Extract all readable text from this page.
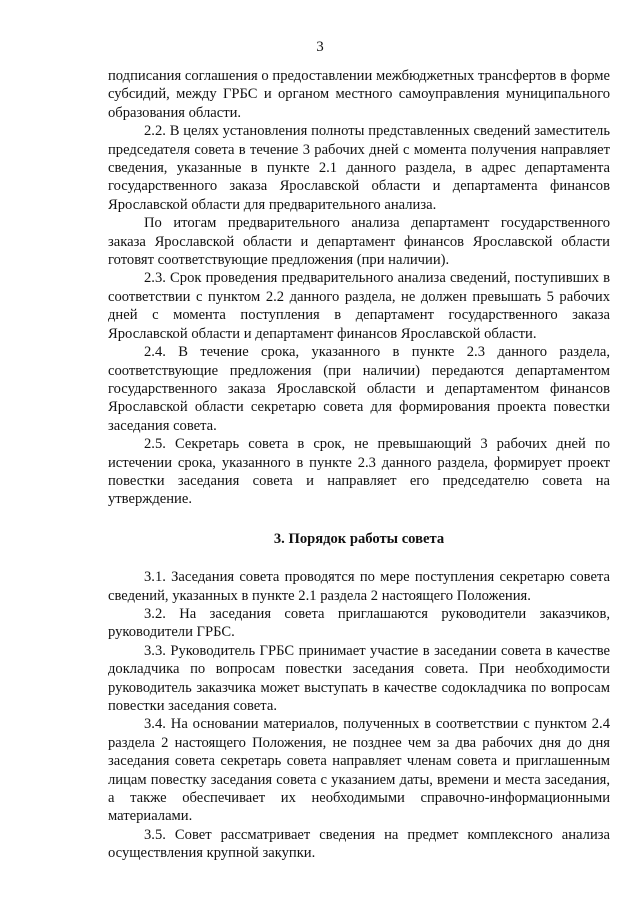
3

подписания соглашения о предоставлении межбюджетных трансфертов в форме субсидий, между ГРБС и органом местного самоуправления муниципального образования области.

2.2. В целях установления полноты представленных сведений заместитель председателя совета в течение 3 рабочих дней с момента получения направляет сведения, указанные в пункте 2.1 данного раздела, в адрес департамента государственного заказа Ярославской области и департамента финансов Ярославской области для предварительного анализа.

По итогам предварительного анализа департамент государственного заказа Ярославской области и департамент финансов Ярославской области готовят соответствующие предложения (при наличии).

2.3. Срок проведения предварительного анализа сведений, поступивших в соответствии с пунктом 2.2 данного раздела, не должен превышать 5 рабочих дней с момента поступления в департамент государственного заказа Ярославской области и департамент финансов Ярославской области.

2.4. В течение срока, указанного в пункте 2.3 данного раздела, соответствующие предложения (при наличии) передаются департаментом государственного заказа Ярославской области и департаментом финансов Ярославской области секретарю совета для формирования проекта повестки заседания совета.

2.5. Секретарь совета в срок, не превышающий 3 рабочих дней по истечении срока, указанного в пункте 2.3 данного раздела, формирует проект повестки заседания совета и направляет его председателю совета на утверждение.

3. Порядок работы совета

3.1. Заседания совета проводятся по мере поступления секретарю совета сведений, указанных в пункте 2.1 раздела 2 настоящего Положения.

3.2. На заседания совета приглашаются руководители заказчиков, руководители ГРБС.

3.3. Руководитель ГРБС принимает участие в заседании совета в качестве докладчика по вопросам повестки заседания совета. При необходимости руководитель заказчика может выступать в качестве содокладчика по вопросам повестки заседания совета.

3.4. На основании материалов, полученных в соответствии с пунктом 2.4 раздела 2 настоящего Положения, не позднее чем за два рабочих дня до дня заседания совета секретарь совета направляет членам совета и приглашенным лицам повестку заседания совета с указанием даты, времени и места заседания, а также обеспечивает их необходимыми справочно-информационными материалами.

3.5. Совет рассматривает сведения на предмет комплексного анализа осуществления крупной закупки.
